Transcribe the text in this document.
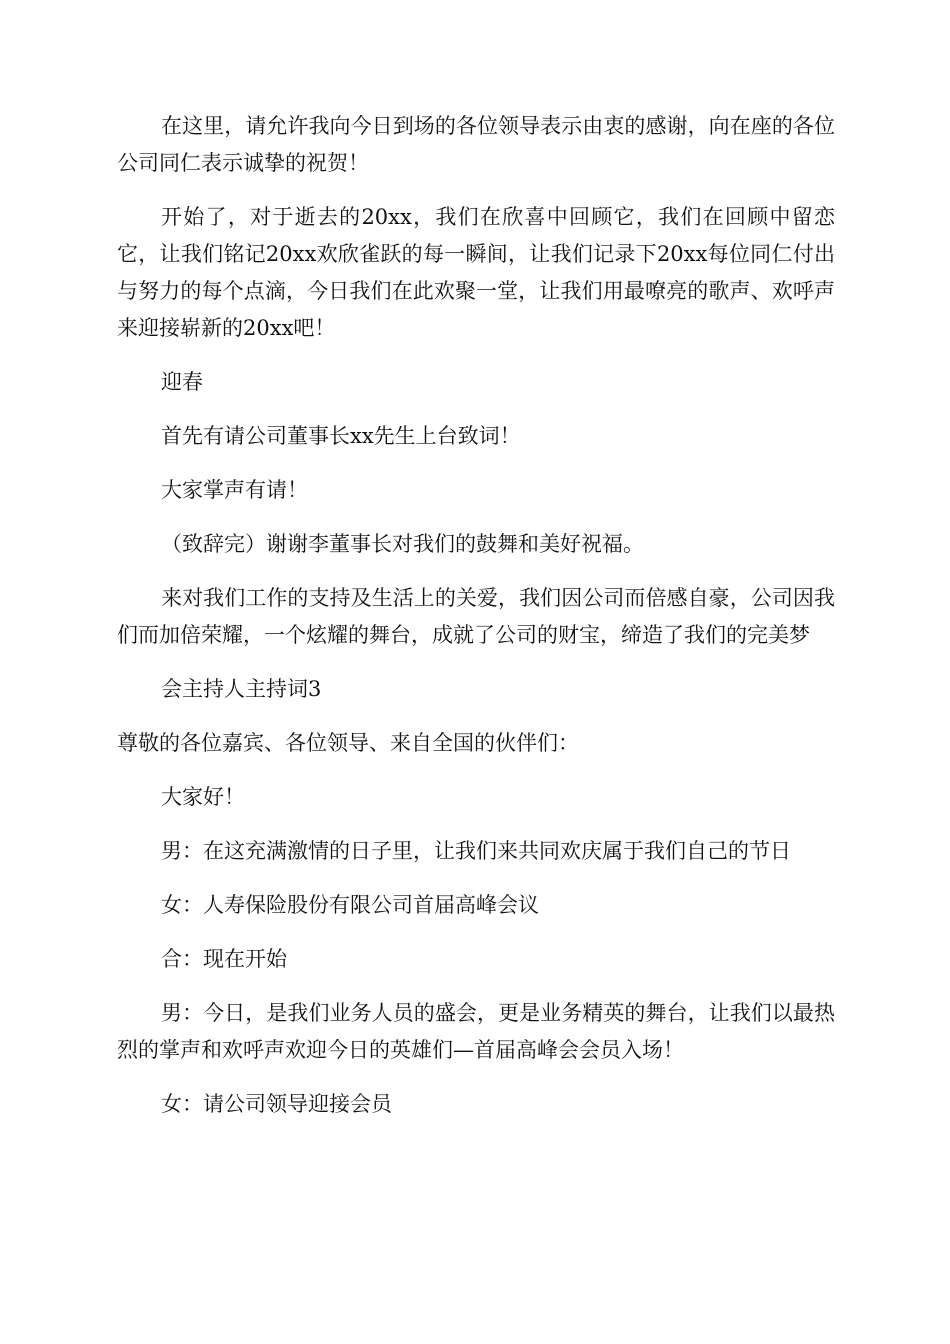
在这里，请允许我向今日到场的各位领导表示由衷的感谢，向在座的各位公司同仁表示诚挚的祝贺！

开始了，对于逝去的20xx，我们在欣喜中回顾它，我们在回顾中留恋它，让我们铭记20xx欢欣雀跃的每一瞬间，让我们记录下20xx每位同仁付出与努力的每个点滴，今日我们在此欢聚一堂，让我们用最嘹亮的歌声、欢呼声来迎接崭新的20xx吧！

迎春

首先有请公司董事长xx先生上台致词！

大家掌声有请！

（致辞完）谢谢李董事长对我们的鼓舞和美好祝福。

来对我们工作的支持及生活上的关爱，我们因公司而倍感自豪，公司因我们而加倍荣耀，一个炫耀的舞台，成就了公司的财宝，缔造了我们的完美梦

会主持人主持词3

尊敬的各位嘉宾、各位领导、来自全国的伙伴们：

大家好！

男：在这充满激情的日子里，让我们来共同欢庆属于我们自己的节日

女：人寿保险股份有限公司首届高峰会议

合：现在开始

男：今日，是我们业务人员的盛会，更是业务精英的舞台，让我们以最热烈的掌声和欢呼声欢迎今日的英雄们—首届高峰会会员入场！

女：请公司领导迎接会员
